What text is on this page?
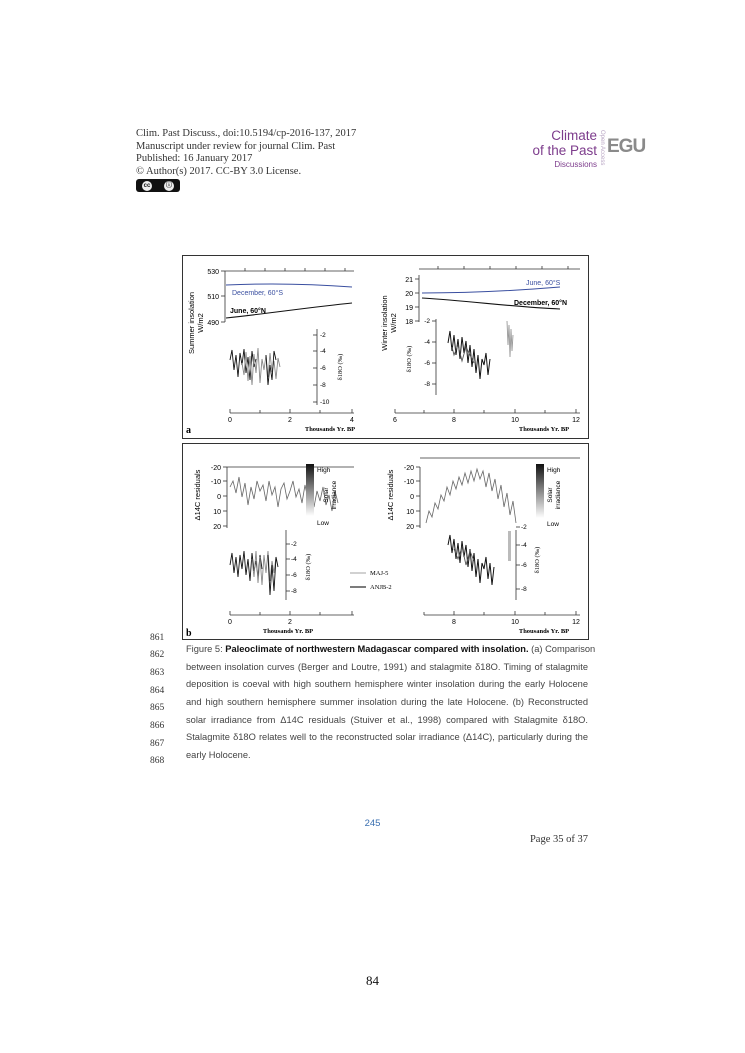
Clim. Past Discuss., doi:10.5194/cp-2016-137, 2017
Manuscript under review for journal Clim. Past
Published: 16 January 2017
© Author(s) 2017. CC-BY 3.0 License.
cc	ⓘ
Climate
of the Past
Discussions Open Access EGU
a
Summer insolation W/m2
530
510
490
December, 60°S
June, 60°N
-2
-4
-6
-8
-10
δ18O (‰)
0	2	4
Thousands Yr. BP
Winter insolation W/m2
21
20
19
18
June, 60°S
December, 60°N
-2
-4
-6
-8
δ18O (‰)
6	8	10	12
Thousands Yr. BP
b
Δ14C residuals
-20
-10
0
10
20
High
Low
Solar irradiance
-2
-4
-6
-8
δ18O (‰)	MAJ-5
ANJB-2
0	2
Thousands Yr. BP
Δ14C residuals
-20
-10
0
10
20
High
Low
Solar irradiance
-2
-4
-6
-8
δ18O (‰)
8	10	12
Thousands Yr. BP
861
862
863
864
865
866
867
868
Figure 5: Paleoclimate of northwestern Madagascar compared with insolation. (a) Comparison
between insolation curves (Berger and Loutre, 1991) and stalagmite δ18O. Timing of stalagmite
deposition is coeval with high southern hemisphere winter insolation during the early Holocene
and high southern hemisphere summer insolation during the late Holocene. (b) Reconstructed
solar irradiance from Δ14C residuals (Stuiver et al., 1998) compared with Stalagmite δ18O.
Stalagmite δ18O relates well to the reconstructed solar irradiance (Δ14C), particularly during the
early Holocene.
245
Page 35 of 37
84
